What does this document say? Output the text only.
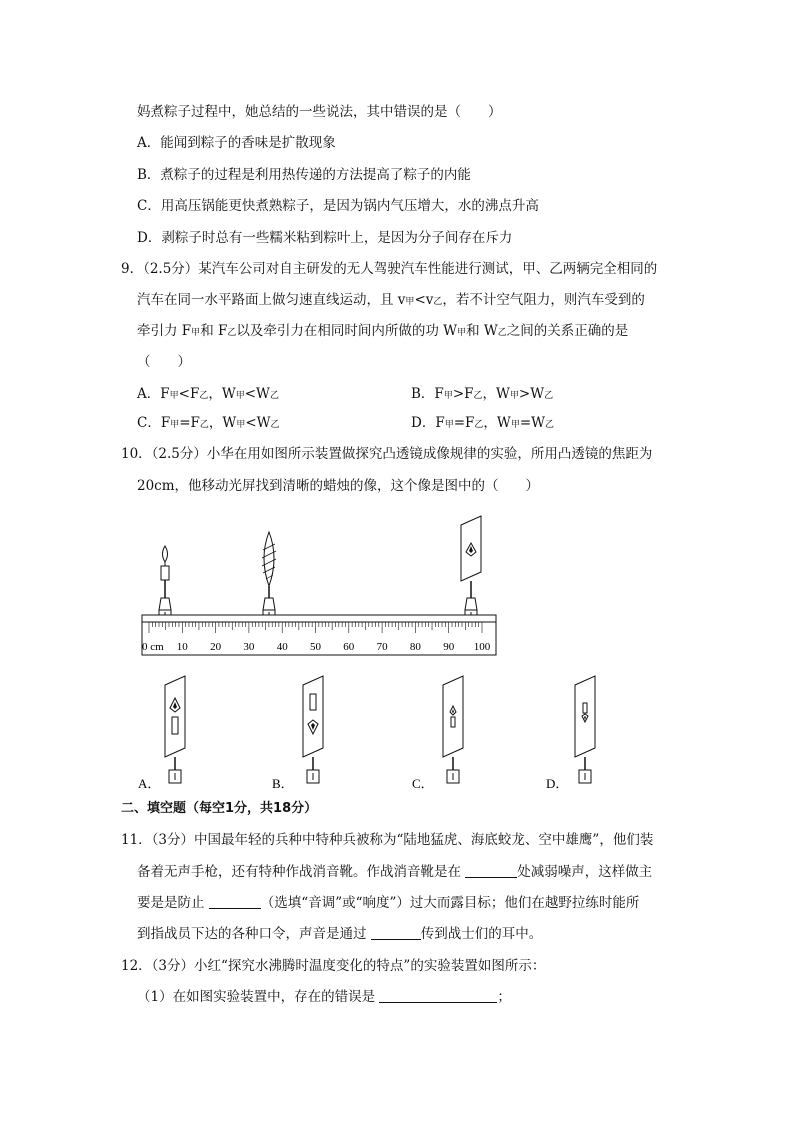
妈煮粽子过程中，她总结的一些说法，其中错误的是（　　）
A．能闻到粽子的香味是扩散现象
B．煮粽子的过程是利用热传递的方法提高了粽子的内能
C．用高压锅能更快煮熟粽子，是因为锅内气压增大，水的沸点升高
D．剥粽子时总有一些糯米粘到粽叶上，是因为分子间存在斥力
9．（2.5分）某汽车公司对自主研发的无人驾驶汽车性能进行测试，甲、乙两辆完全相同的
汽车在同一水平路面上做匀速直线运动，且 v甲<v乙，若不计空气阻力，则汽车受到的
牵引力 F甲和 F乙以及牵引力在相同时间内所做的功 W甲和 W乙之间的关系正确的是
（　　）
A．F甲<F乙，W甲<W乙	B．F甲>F乙，W甲>W乙
C．F甲=F乙，W甲<W乙	D．F甲=F乙，W甲=W乙
10．（2.5分）小华在用如图所示装置做探究凸透镜成像规律的实验，所用凸透镜的焦距为
20cm，他移动光屏找到清晰的蜡烛的像，这个像是图中的（　　）
0 cm 10 20 30 40 50 60 70 80 90 100
A．	B．	C．	D．
二、填空题（每空1分，共18分）
11．（3分）中国最年轻的兵种中特种兵被称为“陆地猛虎、海底蛟龙、空中雄鹰”，他们装
备着无声手枪，还有特种作战消音靴。作战消音靴是在	处减弱噪声，这样做主
要是是防止	（选填“音调”或“响度”）过大而露目标；他们在越野拉练时能所
到指战员下达的各种口令，声音是通过	传到战士们的耳中。
12．（3分）小红“探究水沸腾时温度变化的特点”的实验装置如图所示：
（1）在如图实验装置中，存在的错误是	；
